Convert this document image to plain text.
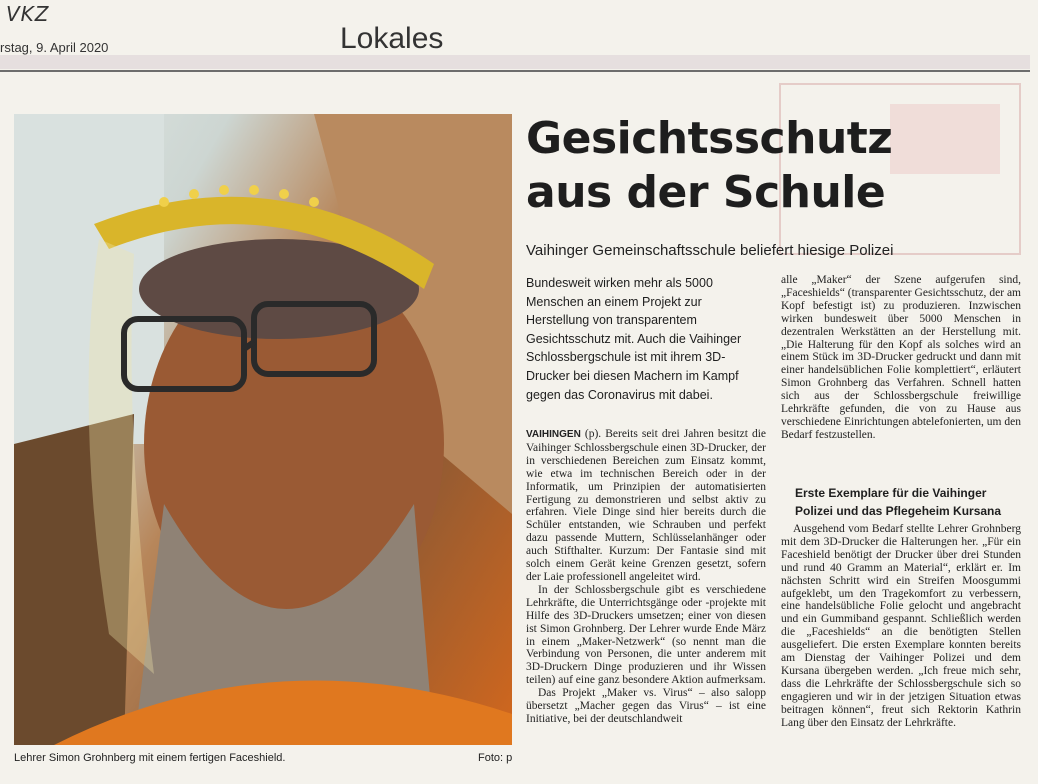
VKZ
rstag, 9. April 2020	Lokales
Lehrer Simon Grohnberg mit einem fertigen Faceshield.	Foto: p
Gesichtsschutz
aus der Schule
Vaihinger Gemeinschaftsschule beliefert hiesige Polizei
Bundesweit wirken mehr als 5000 Menschen an einem Projekt zur Herstellung von transparentem Gesichtsschutz mit. Auch die Vaihinger Schlossbergschule ist mit ihrem 3D-Drucker bei diesen Machern im Kampf gegen das Coronavirus mit dabei.

VAIHINGEN (p). Bereits seit drei Jahren besitzt die Vaihinger Schlossbergschule einen 3D-Drucker, der in verschiedenen Bereichen zum Einsatz kommt, wie etwa im technischen Bereich oder in der Informatik, um Prinzipien der automatisierten Fertigung zu demonstrieren und selbst aktiv zu erfahren. Viele Dinge sind hier bereits durch die Schüler entstanden, wie Schrauben und perfekt dazu passende Muttern, Schlüsselanhänger oder auch Stifthalter. Kurzum: Der Fantasie sind mit solch einem Gerät keine Grenzen gesetzt, sofern der Laie professionell angeleitet wird.

In der Schlossbergschule gibt es verschiedene Lehrkräfte, die Unterrichtsgänge oder -projekte mit Hilfe des 3D-Druckers umsetzen; einer von diesen ist Simon Grohnberg. Der Lehrer wurde Ende März in einem „Maker-Netzwerk“ (so nennt man die Verbindung von Personen, die unter anderem mit 3D-Druckern Dinge produzieren und ihr Wissen teilen) auf eine ganz besondere Aktion aufmerksam.

Das Projekt „Maker vs. Virus“ – also salopp übersetzt „Macher gegen das Virus“ – ist eine Initiative, bei der deutschlandweit

alle „Maker“ der Szene aufgerufen sind, „Faceshields“ (transparenter Gesichtsschutz, der am Kopf befestigt ist) zu produzieren. Inzwischen wirken bundesweit über 5000 Menschen in dezentralen Werkstätten an der Herstellung mit. „Die Halterung für den Kopf als solches wird an einem Stück im 3D-Drucker gedruckt und dann mit einer handelsüblichen Folie komplettiert“, erläutert Simon Grohnberg das Verfahren. Schnell hatten sich aus der Schlossbergschule freiwillige Lehrkräfte gefunden, die von zu Hause aus verschiedene Einrichtungen abtelefonierten, um den Bedarf festzustellen.

Erste Exemplare für die Vaihinger Polizei und das Pflegeheim Kursana

Ausgehend vom Bedarf stellte Lehrer Grohnberg mit dem 3D-Drucker die Halterungen her. „Für ein Faceshield benötigt der Drucker über drei Stunden und rund 40 Gramm an Material“, erklärt er. Im nächsten Schritt wird ein Streifen Moosgummi aufgeklebt, um den Tragekomfort zu verbessern, eine handelsübliche Folie gelocht und angebracht und ein Gummiband gespannt. Schließlich werden die „Faceshields“ an die benötigten Stellen ausgeliefert. Die ersten Exemplare konnten bereits am Dienstag der Vaihinger Polizei und dem Kursana übergeben werden. „Ich freue mich sehr, dass die Lehrkräfte der Schlossbergschule sich so engagieren und wir in der jetzigen Situation etwas beitragen können“, freut sich Rektorin Kathrin Lang über den Einsatz der Lehrkräfte.
